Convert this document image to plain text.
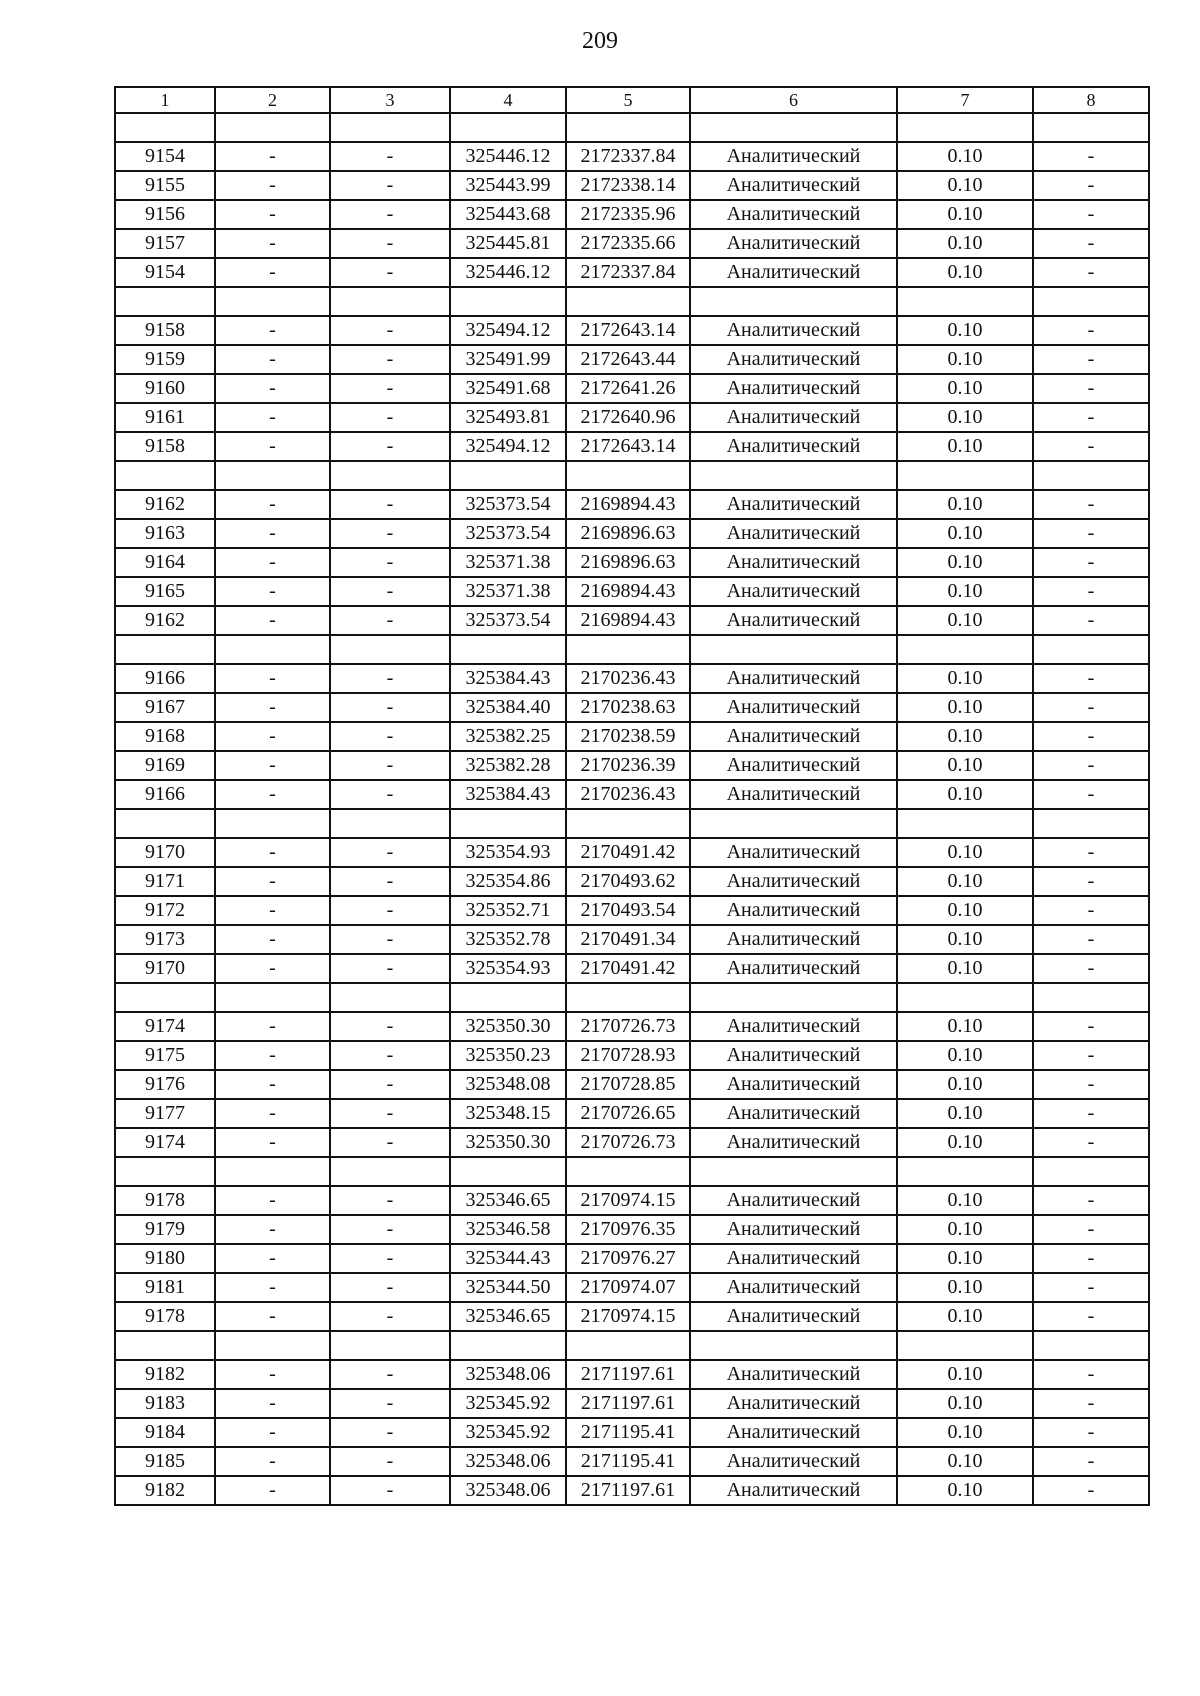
209
1	2	3	4	5	6	7	8

9154	-	-	325446.12	2172337.84	Аналитический	0.10	-
9155	-	-	325443.99	2172338.14	Аналитический	0.10	-
9156	-	-	325443.68	2172335.96	Аналитический	0.10	-
9157	-	-	325445.81	2172335.66	Аналитический	0.10	-
9154	-	-	325446.12	2172337.84	Аналитический	0.10	-

9158	-	-	325494.12	2172643.14	Аналитический	0.10	-
9159	-	-	325491.99	2172643.44	Аналитический	0.10	-
9160	-	-	325491.68	2172641.26	Аналитический	0.10	-
9161	-	-	325493.81	2172640.96	Аналитический	0.10	-
9158	-	-	325494.12	2172643.14	Аналитический	0.10	-

9162	-	-	325373.54	2169894.43	Аналитический	0.10	-
9163	-	-	325373.54	2169896.63	Аналитический	0.10	-
9164	-	-	325371.38	2169896.63	Аналитический	0.10	-
9165	-	-	325371.38	2169894.43	Аналитический	0.10	-
9162	-	-	325373.54	2169894.43	Аналитический	0.10	-

9166	-	-	325384.43	2170236.43	Аналитический	0.10	-
9167	-	-	325384.40	2170238.63	Аналитический	0.10	-
9168	-	-	325382.25	2170238.59	Аналитический	0.10	-
9169	-	-	325382.28	2170236.39	Аналитический	0.10	-
9166	-	-	325384.43	2170236.43	Аналитический	0.10	-

9170	-	-	325354.93	2170491.42	Аналитический	0.10	-
9171	-	-	325354.86	2170493.62	Аналитический	0.10	-
9172	-	-	325352.71	2170493.54	Аналитический	0.10	-
9173	-	-	325352.78	2170491.34	Аналитический	0.10	-
9170	-	-	325354.93	2170491.42	Аналитический	0.10	-

9174	-	-	325350.30	2170726.73	Аналитический	0.10	-
9175	-	-	325350.23	2170728.93	Аналитический	0.10	-
9176	-	-	325348.08	2170728.85	Аналитический	0.10	-
9177	-	-	325348.15	2170726.65	Аналитический	0.10	-
9174	-	-	325350.30	2170726.73	Аналитический	0.10	-

9178	-	-	325346.65	2170974.15	Аналитический	0.10	-
9179	-	-	325346.58	2170976.35	Аналитический	0.10	-
9180	-	-	325344.43	2170976.27	Аналитический	0.10	-
9181	-	-	325344.50	2170974.07	Аналитический	0.10	-
9178	-	-	325346.65	2170974.15	Аналитический	0.10	-

9182	-	-	325348.06	2171197.61	Аналитический	0.10	-
9183	-	-	325345.92	2171197.61	Аналитический	0.10	-
9184	-	-	325345.92	2171195.41	Аналитический	0.10	-
9185	-	-	325348.06	2171195.41	Аналитический	0.10	-
9182	-	-	325348.06	2171197.61	Аналитический	0.10	-
